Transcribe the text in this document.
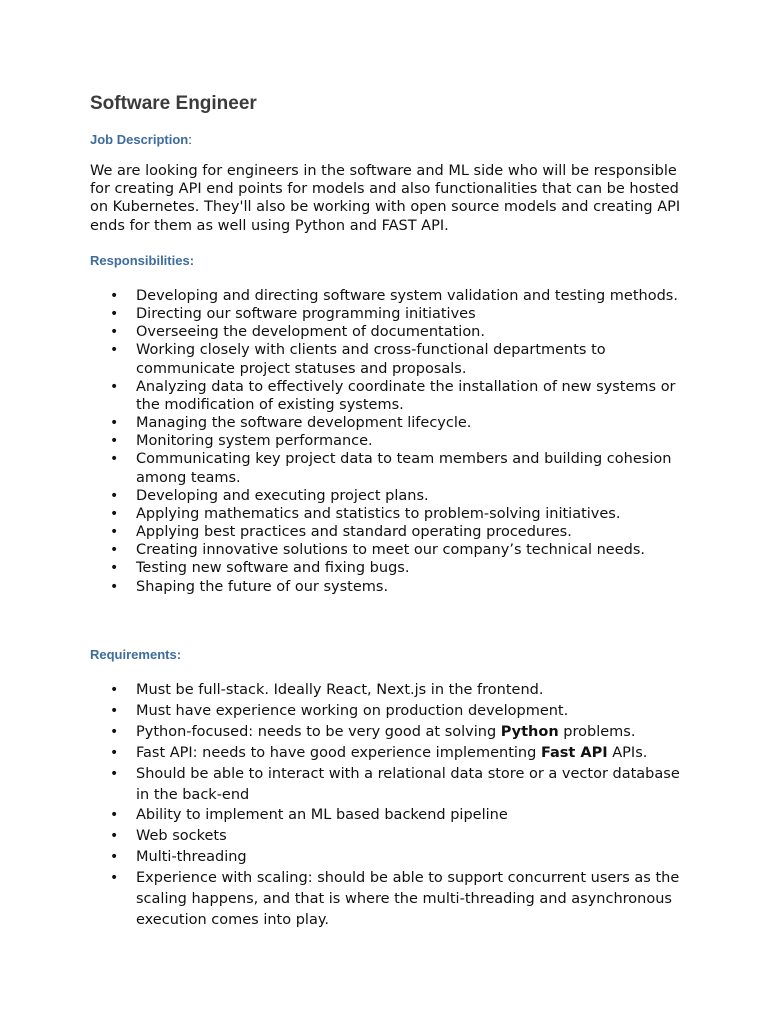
Software Engineer
Job Description:

We are looking for engineers in the software and ML side who will be responsible for creating API end points for models and also functionalities that can be hosted on Kubernetes. They'll also be working with open source models and creating API ends for them as well using Python and FAST API.

Responsibilities:
• Developing and directing software system validation and testing methods.
• Directing our software programming initiatives
• Overseeing the development of documentation.
• Working closely with clients and cross-functional departments to communicate project statuses and proposals.
• Analyzing data to effectively coordinate the installation of new systems or the modification of existing systems.
• Managing the software development lifecycle.
• Monitoring system performance.
• Communicating key project data to team members and building cohesion among teams.
• Developing and executing project plans.
• Applying mathematics and statistics to problem-solving initiatives.
• Applying best practices and standard operating procedures.
• Creating innovative solutions to meet our company’s technical needs.
• Testing new software and fixing bugs.
• Shaping the future of our systems.
Requirements:
• Must be full-stack. Ideally React, Next.js in the frontend.
• Must have experience working on production development.
• Python-focused: needs to be very good at solving Python problems.
• Fast API: needs to have good experience implementing Fast API APIs.
• Should be able to interact with a relational data store or a vector database in the back-end
• Ability to implement an ML based backend pipeline
• Web sockets
• Multi-threading
• Experience with scaling: should be able to support concurrent users as the scaling happens, and that is where the multi-threading and asynchronous execution comes into play.
